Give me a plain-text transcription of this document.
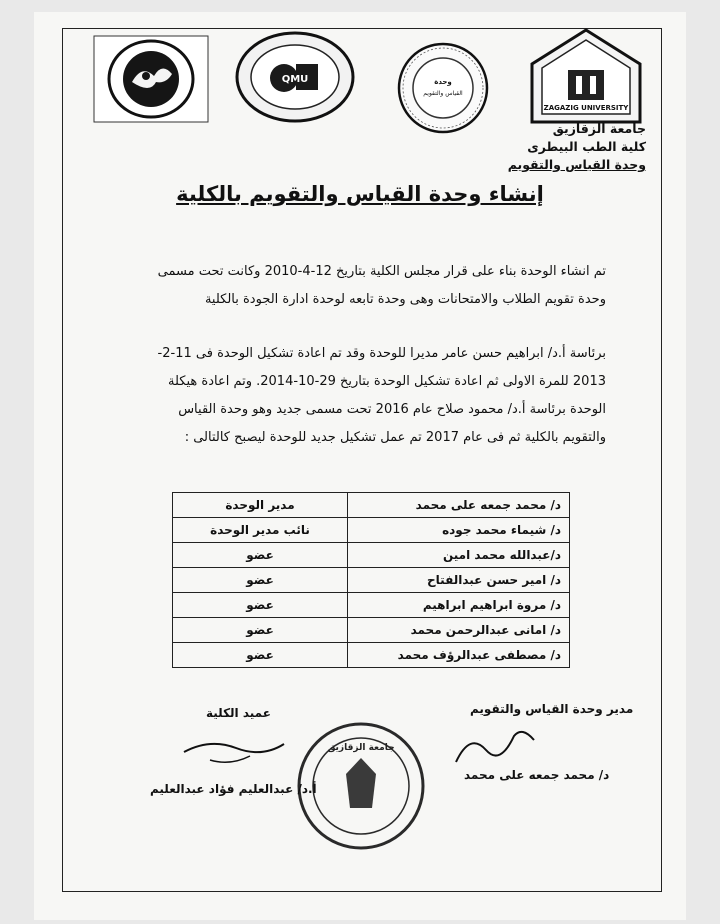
QMU	وحدة
القياس والتقويم
ZAGAZIG UNIVERSITY
جامعة الزقازيق
كلية الطب البيطرى
وحدة القياس والتقويم
إنشاء وحدة القياس والتقويم بالكلية
تم انشاء الوحدة بناء على قرار مجلس الكلية بتاريخ 12-4-2010 وكانت تحت مسمى
وحدة تقويم الطلاب والامتحانات وهى وحدة تابعه لوحدة ادارة الجودة بالكلية
برئاسة أ.د/ ابراهيم حسن عامر مديرا للوحدة وقد تم اعادة تشكيل الوحدة فى 11-2-
2013 للمرة الاولى ثم اعادة تشكيل الوحدة بتاريخ 29-10-2014. وتم اعادة هيكلة
الوحدة برئاسة أ.د/ محمود صلاح عام 2016 تحت مسمى جديد وهو وحدة القياس
والتقويم بالكلية ثم فى عام 2017 تم عمل تشكيل جديد للوحدة ليصبح كالتالى :
مدير الوحدة	د/ محمد جمعه على محمد
نائب مدير الوحدة	د/ شيماء محمد جوده
عضو	د/عبدالله محمد امين
عضو	د/ امير حسن عبدالفتاح
عضو	د/ مروة ابراهيم ابراهيم
عضو	د/ امانى عبدالرحمن محمد
عضو	د/ مصطفى عبدالرؤف محمد
عميد الكلية	مدير وحدة القياس والتقويم
جامعة الزقازيق
أ.د/ عبدالعليم فؤاد عبدالعليم
د/ محمد جمعه على محمد
